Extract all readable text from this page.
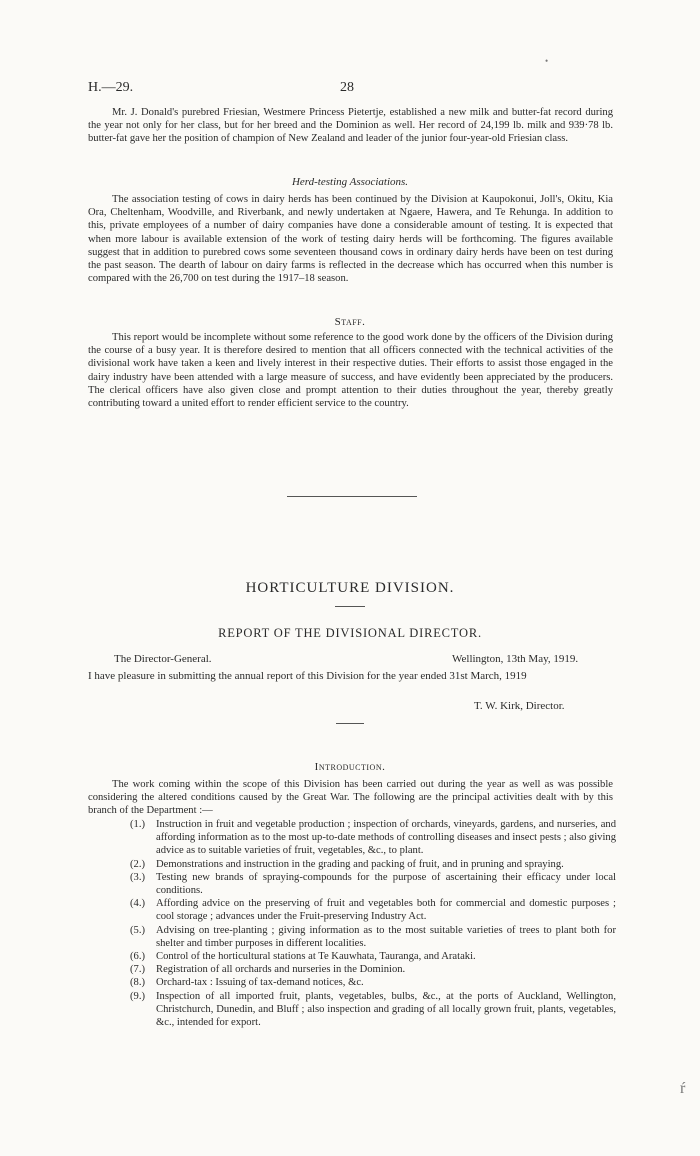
H.—29.	28
•

Mr. J. Donald's purebred Friesian, Westmere Princess Pietertje, established a new milk and butter-fat record during the year not only for her class, but for her breed and the Dominion as well. Her record of 24,199 lb. milk and 939·78 lb. butter-fat gave her the position of champion of New Zealand and leader of the junior four-year-old Friesian class.

Herd-testing Associations.

The association testing of cows in dairy herds has been continued by the Division at Kaupokonui, Joll's, Okitu, Kia Ora, Cheltenham, Woodville, and Riverbank, and newly undertaken at Ngaere, Hawera, and Te Rehunga. In addition to this, private employees of a number of dairy companies have done a considerable amount of testing. It is expected that when more labour is available extension of the work of testing dairy herds will be forthcoming. The figures available suggest that in addition to purebred cows some seventeen thousand cows in ordinary dairy herds have been on test during the past season. The dearth of labour on dairy farms is reflected in the decrease which has occurred when this number is compared with the 26,700 on test during the 1917–18 season.

Staff.

This report would be incomplete without some reference to the good work done by the officers of the Division during the course of a busy year. It is therefore desired to mention that all officers connected with the technical activities of the divisional work have taken a keen and lively interest in their respective duties. Their efforts to assist those engaged in the dairy industry have been attended with a large measure of success, and have evidently been appreciated by the producers. The clerical officers have also given close and prompt attention to their duties throughout the year, thereby greatly contributing toward a united effort to render efficient service to the country.

HORTICULTURE DIVISION.
REPORT OF THE DIVISIONAL DIRECTOR.
The Director-General.	Wellington, 13th May, 1919.

I have pleasure in submitting the annual report of this Division for the year ended 31st March, 1919

T. W. Kirk, Director.
Introduction.

The work coming within the scope of this Division has been carried out during the year as well as was possible considering the altered conditions caused by the Great War. The following are the principal activities dealt with by this branch of the Department :—

(1.)	Instruction in fruit and vegetable production ; inspection of orchards, vineyards, gardens, and nurseries, and affording information as to the most up-to-date methods of controlling diseases and insect pests ; also giving advice as to suitable varieties of fruit, vegetables, &c., to plant.
(2.)	Demonstrations and instruction in the grading and packing of fruit, and in pruning and spraying.
(3.)	Testing new brands of spraying-compounds for the purpose of ascertaining their efficacy under local conditions.
(4.)	Affording advice on the preserving of fruit and vegetables both for commercial and domestic purposes ; cool storage ; advances under the Fruit-preserving Industry Act.
(5.)	Advising on tree-planting ; giving information as to the most suitable varieties of trees to plant both for shelter and timber purposes in different localities.
(6.)	Control of the horticultural stations at Te Kauwhata, Tauranga, and Arataki.
(7.)	Registration of all orchards and nurseries in the Dominion.
(8.)	Orchard-tax : Issuing of tax-demand notices, &c.
(9.)	Inspection of all imported fruit, plants, vegetables, bulbs, &c., at the ports of Auckland, Wellington, Christchurch, Dunedin, and Bluff ; also inspection and grading of all locally grown fruit, plants, vegetables, &c., intended for export.
ŕ
